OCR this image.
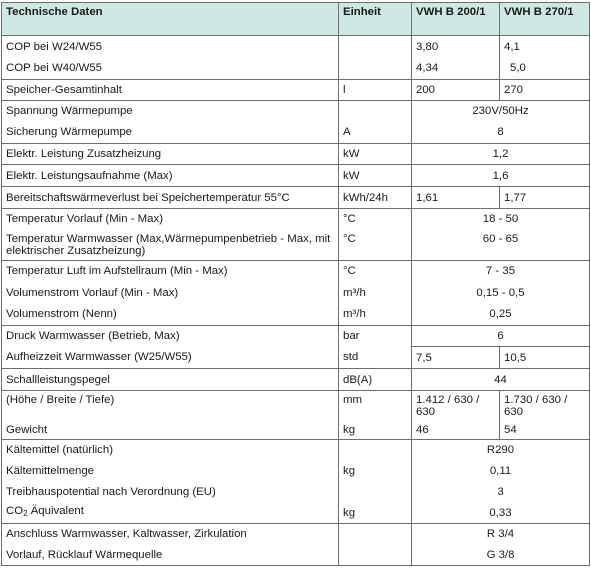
Technische Daten	Einheit	VWH B 200/1	VWH B 270/1
COP bei W24/W55		3,80	4,1
COP bei W40/W55		4,34	5,0
Speicher-Gesamtinhalt	l	200	270
Spannung Wärmepumpe		230V/50Hz	
Sicherung Wärmepumpe	A	8	
Elektr. Leistung Zusatzheizung	kW	1,2	
Elektr. Leistungsaufnahme (Max)	kW	1,6	
Bereitschaftswärmeverlust bei Speichertemperatur 55°C	kWh/24h	1,61	1,77
Temperatur Vorlauf (Min - Max)	°C	18 - 50	
Temperatur Warmwasser (Max,Wärmepumpenbetrieb - Max, mit elektrischer Zusatzheizung)	°C	60 - 65	
Temperatur Luft im Aufstellraum (Min - Max)	°C	7 - 35	
Volumenstrom Vorlauf (Min - Max)	m³/h	0,15 - 0,5	
Volumenstrom (Nenn)	m³/h	0,25	
Druck Warmwasser (Betrieb, Max)	bar	6	
Aufheizzeit Warmwasser (W25/W55)	std	7,5	10,5
Schallleistungspegel	dB(A)	44	
(Höhe / Breite / Tiefe)	mm	1.412 / 630 / 630	1.730 / 630 / 630
Gewicht	kg	46	54
Kältemittel (natürlich)		R290	
Kältemittelmenge	kg	0,11	
Treibhauspotential nach Verordnung (EU)		3	
$CO_2$ Äquivalent	kg	0,33	
Anschluss Warmwasser, Kaltwasser, Zirkulation		R 3/4	
Vorlauf, Rücklauf Wärmequelle		G 3/8	
